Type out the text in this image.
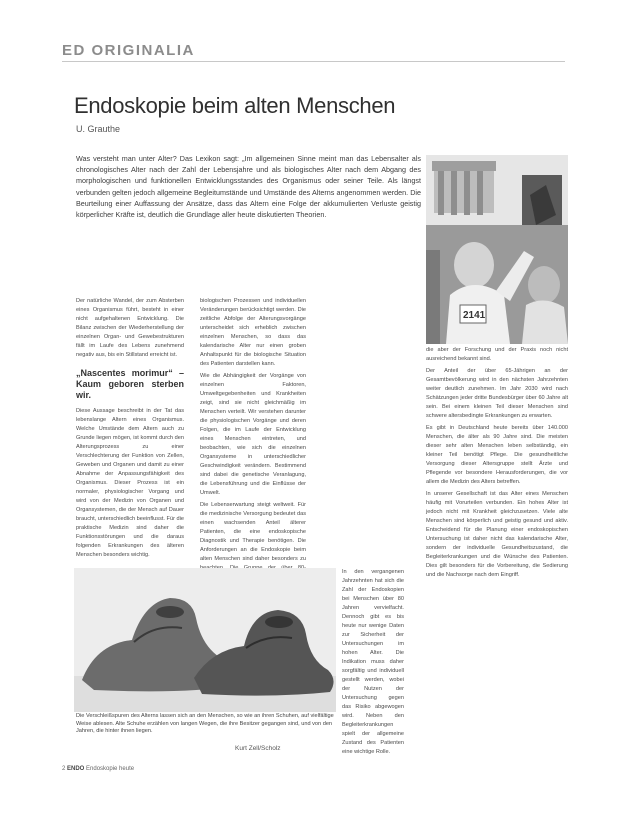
ED ORIGINALIA
Endoskopie beim alten Menschen
U. Grauthe
Was versteht man unter Alter? Das Lexikon sagt: „Im allgemeinen Sinne meint man das Lebensalter als chronologisches Alter nach der Zahl der Lebensjahre und als biologisches Alter nach dem Abgang des morphologischen und funktionellen Entwicklungsstandes des Organismus oder seiner Teile. Als längst verbunden gelten jedoch allgemeine Begleitumstände und Umstände des Alterns angenommen werden. Die Beurteilung einer Auffassung der Ansätze, dass das Altern eine Folge der akkumulierten Verluste geistig körperlicher Kräfte ist, deutlich die Grundlage aller heute diskutierten Theorien.
2141

Der natürliche Wandel, der zum Absterben eines Organismus führt, besteht in einer nicht aufgehaltenen Entwicklung. Die Bilanz zwischen der Wiederherstellung der einzelnen Organ- und Gewebestrukturen fällt im Laufe des Lebens zunehmend negativ aus, bis ein Stillstand erreicht ist.

„Nascentes morimur“ – Kaum geboren sterben wir.

Diese Aussage beschreibt in der Tat das lebenslange Altern eines Organismus. Welche Umstände dem Altern auch zu Grunde liegen mögen, ist kommt durch den Alterungsprozess zu einer Verschlechterung der Funktion von Zellen, Geweben und Organen und damit zu einer Abnahme der Anpassungsfähigkeit des Organismus. Dieser Prozess ist ein normaler, physiologischer Vorgang und wird von der Medizin von Organen und Organsystemen, die der Mensch auf Dauer braucht, unterschiedlich beeinflusst. Für die praktische Medizin sind daher die Funktionsstörungen und die daraus folgenden Erkrankungen des älteren Menschen besonders wichtig.

biologischen Prozessen und individuellen Veränderungen berücksichtigt werden. Die zeitliche Abfolge der Alterungsvorgänge unterscheidet sich erheblich zwischen einzelnen Menschen, so dass das kalendarische Alter nur einen groben Anhaltspunkt für die biologische Situation des Patienten darstellen kann.

Wie die Abhängigkeit der Vorgänge von einzelnen Faktoren, Umweltgegebenheiten und Krankheiten zeigt, sind sie nicht gleichmäßig im Menschen verteilt. Wir verstehen darunter die physiologischen Vorgänge und deren Folgen, die im Laufe der Entwicklung eines Menschen eintreten, und beobachten, wie sich die einzelnen Organsysteme in unterschiedlicher Geschwindigkeit verändern. Bestimmend sind dabei die genetische Veranlagung, die Lebensführung und die Einflüsse der Umwelt.

Die Lebenserwartung steigt weltweit. Für die medizinische Versorgung bedeutet das einen wachsenden Anteil älterer Patienten, die eine endoskopische Diagnostik und Therapie benötigen. Die Anforderungen an die Endoskopie beim alten Menschen sind daher besonders zu

In den vergangenen Jahrzehnten hat sich die Zahl der Endoskopien bei Menschen über 80 Jahren vervielfacht. Dennoch gibt es bis heute nur wenige Daten zur Sicherheit der Untersuchungen im hohen Alter. Die Indikation muss daher sorgfältig und individuell gestellt werden, wobei der Nutzen der Untersuchung gegen das Risiko abgewogen wird. Neben den Begleiterkrankungen spielt der allgemeine Zustand des Patienten eine wichtige Rolle.

die aber der Forschung und der Praxis noch nicht ausreichend bekannt sind.

Der Anteil der über 65-Jährigen an der Gesamtbevölkerung wird in den nächsten Jahrzehnten weiter deutlich zunehmen. Im Jahr 2030 wird nach Schätzungen jeder dritte Bundesbürger über 60 Jahre alt sein. Bei einem kleinen Teil dieser Menschen sind schwere altersbedingte Erkrankungen zu erwarten.

Es gibt in Deutschland heute bereits über 140.000 Menschen, die älter als 90 Jahre sind. Die meisten dieser sehr alten Menschen leben selbständig, ein kleiner Teil benötigt Pflege. Die gesundheitliche Versorgung dieser Altersgruppe stellt Ärzte und Pflegende vor besondere Herausforderungen, die vor allem die Medizin des Alters betreffen.

In unserer Gesellschaft ist das Alter eines Menschen häufig mit Vorurteilen verbunden. Ein hohes Alter ist jedoch nicht mit Krankheit gleichzusetzen. Viele alte Menschen sind körperlich und geistig gesund und aktiv. Entscheidend für die Planung einer endoskopischen Untersuchung ist daher nicht das kalendarische Alter, sondern der individuelle Gesundheitszustand, die Begleiterkrankungen und die Wünsche des Patienten. Dies gilt besonders für die Vorbereitung, die Sedierung und die Nachsorge nach dem Eingriff.

Die Verschleißspuren des Alterns lassen sich an den Menschen, so wie an ihren Schuhen, auf vielfältige Weise ablesen. Alte Schuhe erzählen von langen Wegen, die ihre Besitzer gegangen sind, und von den Jahren, die hinter ihnen liegen.
Kurt Zell/Scholz
2 ENDO Endoskopie heute
